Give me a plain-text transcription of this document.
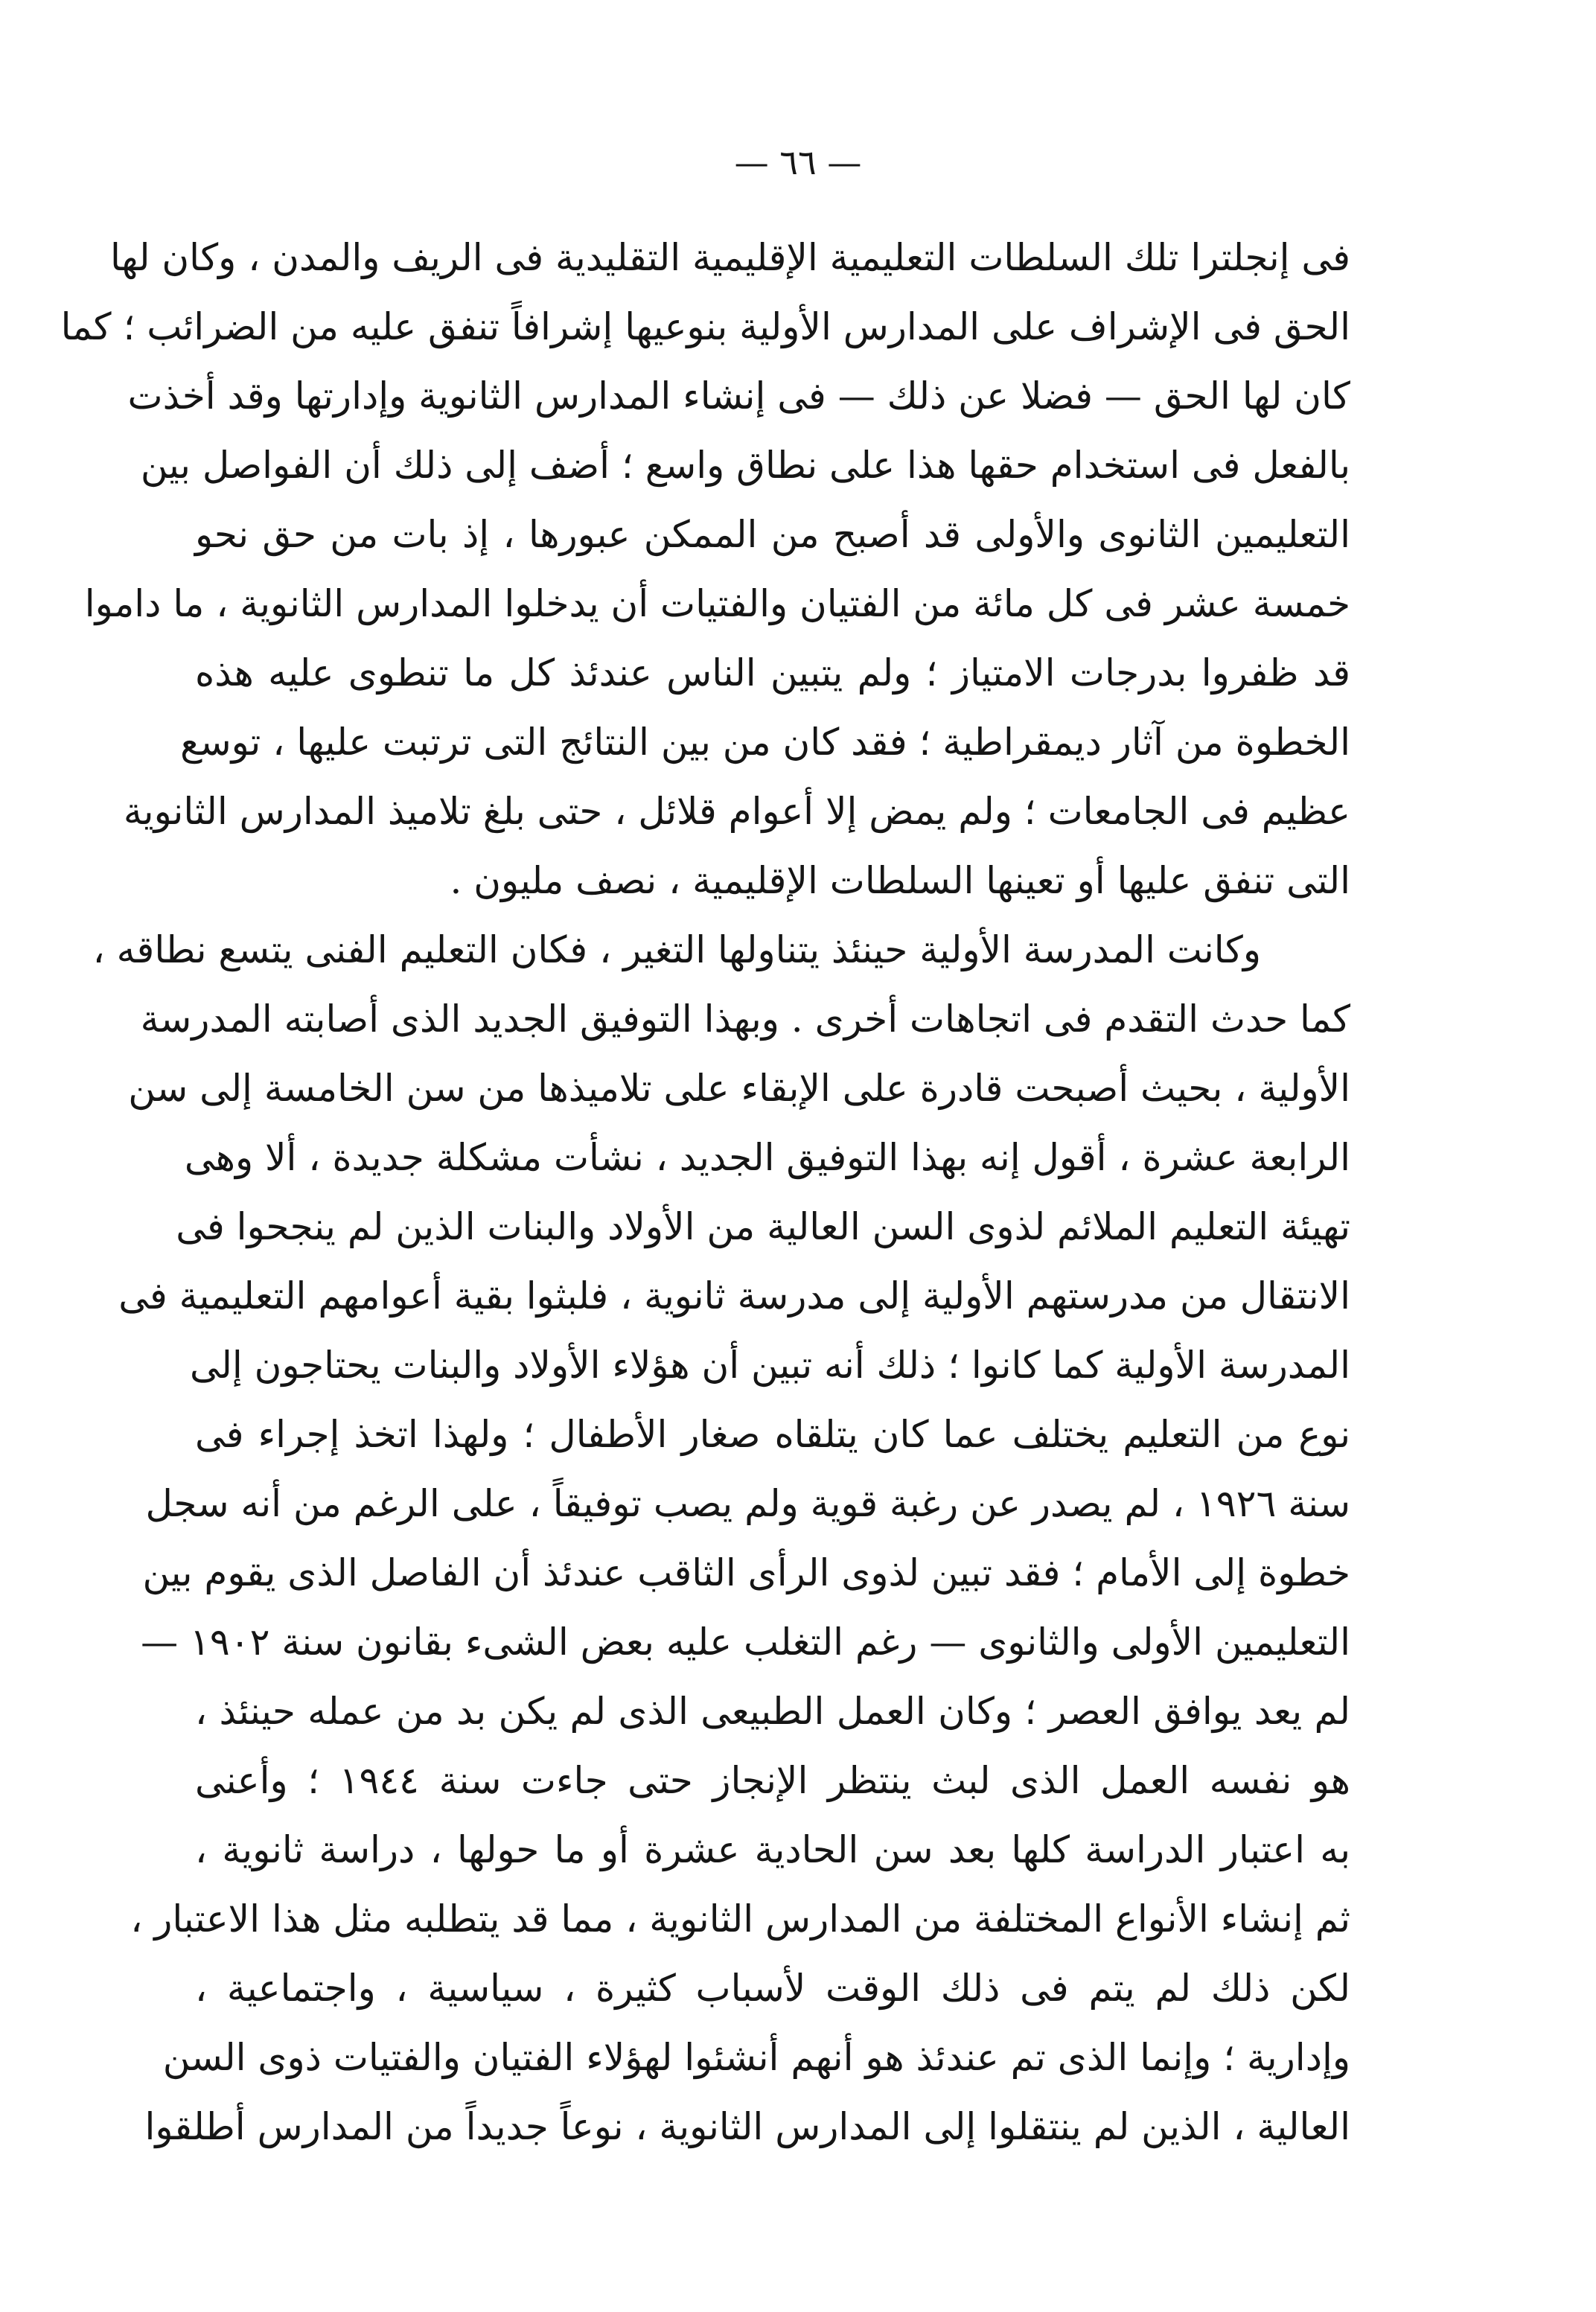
— ٦٦ —
فى إنجلترا تلك السلطات التعليمية الإقليمية التقليدية فى الريف والمدن ، وكان لها
الحق فى الإشراف على المدارس الأولية بنوعيها إشرافاً تنفق عليه من الضرائب ؛ كما
كان لها الحق — فضلا عن ذلك — فى إنشاء المدارس الثانوية وإدارتها وقد أخذت
بالفعل فى استخدام حقها هذا على نطاق واسع ؛ أضف إلى ذلك أن الفواصل بين
التعليمين الثانوى والأولى قد أصبح من الممكن عبورها ، إذ بات من حق نحو
خمسة عشر فى كل مائة من الفتيان والفتيات أن يدخلوا المدارس الثانوية ، ما داموا
قد ظفروا بدرجات الامتياز ؛ ولم يتبين الناس عندئذ كل ما تنطوى عليه هذه
الخطوة من آثار ديمقراطية ؛ فقد كان من بين النتائج التى ترتبت عليها ، توسع
عظيم فى الجامعات ؛ ولم يمض إلا أعوام قلائل ، حتى بلغ تلاميذ المدارس الثانوية
التى تنفق عليها أو تعينها السلطات الإقليمية ، نصف مليون .
وكانت المدرسة الأولية حينئذ يتناولها التغير ، فكان التعليم الفنى يتسع نطاقه ،
كما حدث التقدم فى اتجاهات أخرى . وبهذا التوفيق الجديد الذى أصابته المدرسة
الأولية ، بحيث أصبحت قادرة على الإبقاء على تلاميذها من سن الخامسة إلى سن
الرابعة عشرة ، أقول إنه بهذا التوفيق الجديد ، نشأت مشكلة جديدة ، ألا وهى
تهيئة التعليم الملائم لذوى السن العالية من الأولاد والبنات الذين لم ينجحوا فى
الانتقال من مدرستهم الأولية إلى مدرسة ثانوية ، فلبثوا بقية أعوامهم التعليمية فى
المدرسة الأولية كما كانوا ؛ ذلك أنه تبين أن هؤلاء الأولاد والبنات يحتاجون إلى
نوع من التعليم يختلف عما كان يتلقاه صغار الأطفال ؛ ولهذا اتخذ إجراء فى
سنة ١٩٢٦ ، لم يصدر عن رغبة قوية ولم يصب توفيقاً ، على الرغم من أنه سجل
خطوة إلى الأمام ؛ فقد تبين لذوى الرأى الثاقب عندئذ أن الفاصل الذى يقوم بين
التعليمين الأولى والثانوى — رغم التغلب عليه بعض الشىء بقانون سنة ١٩٠٢ —
لم يعد يوافق العصر ؛ وكان العمل الطبيعى الذى لم يكن بد من عمله حينئذ ،
هو نفسه العمل الذى لبث ينتظر الإنجاز حتى جاءت سنة ١٩٤٤ ؛ وأعنى
به اعتبار الدراسة كلها بعد سن الحادية عشرة أو ما حولها ، دراسة ثانوية ،
ثم إنشاء الأنواع المختلفة من المدارس الثانوية ، مما قد يتطلبه مثل هذا الاعتبار ،
لكن ذلك لم يتم فى ذلك الوقت لأسباب كثيرة ، سياسية ، واجتماعية ،
وإدارية ؛ وإنما الذى تم عندئذ هو أنهم أنشئوا لهؤلاء الفتيان والفتيات ذوى السن
العالية ، الذين لم ينتقلوا إلى المدارس الثانوية ، نوعاً جديداً من المدارس أطلقوا
